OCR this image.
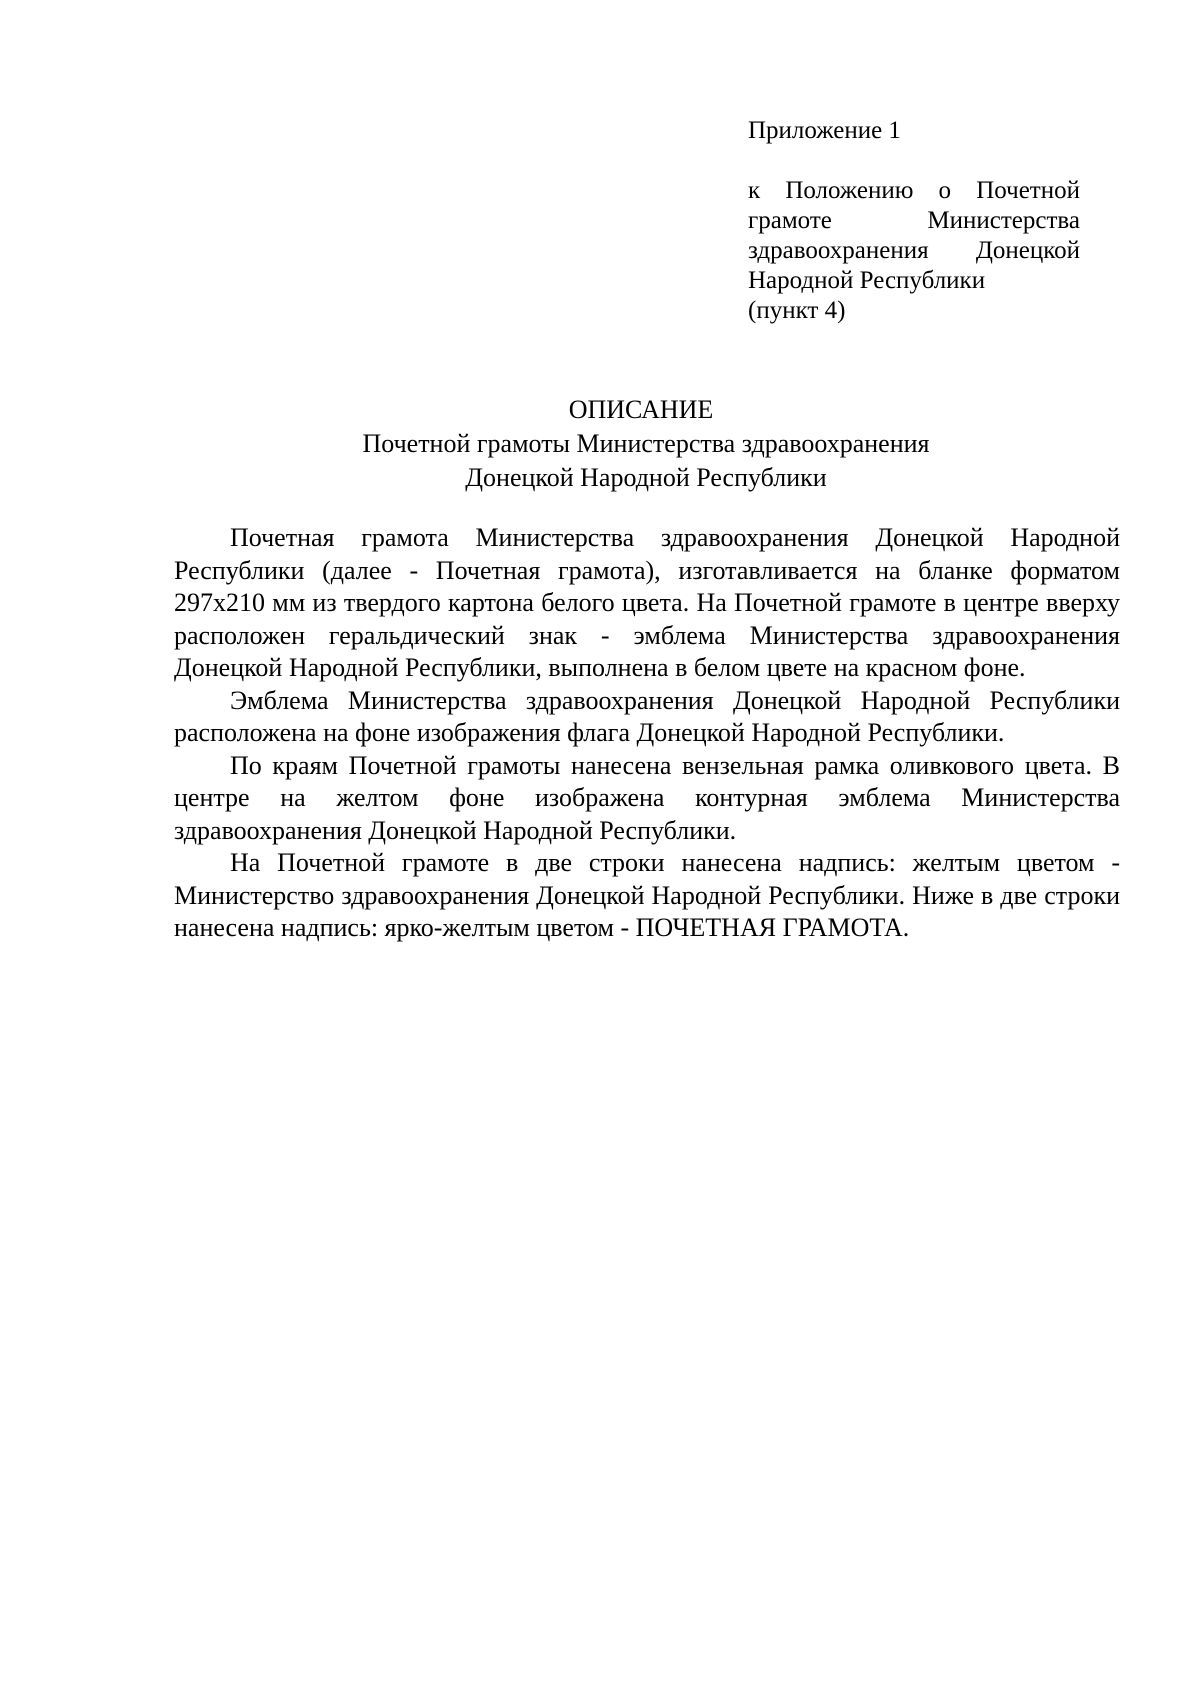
Приложение 1

к Положению о Почетной

грамоте Министерства

здравоохранения Донецкой

Народной Республики

(пункт 4)

ОПИСАНИЕ
Почетной грамоты Министерства здравоохранения
Донецкой Народной Республики

Почетная грамота Министерства здравоохранения Донецкой Народной Республики (далее - Почетная грамота), изготавливается на бланке форматом 297х210 мм из твердого картона белого цвета. На Почетной грамоте в центре вверху расположен геральдический знак - эмблема Министерства здравоохранения Донецкой Народной Республики, выполнена в белом цвете на красном фоне.

Эмблема Министерства здравоохранения Донецкой Народной Республики расположена на фоне изображения флага Донецкой Народной Республики.

По краям Почетной грамоты нанесена вензельная рамка оливкового цвета. В центре на желтом фоне изображена контурная эмблема Министерства здравоохранения Донецкой Народной Республики.

На Почетной грамоте в две строки нанесена надпись: желтым цветом - Министерство здравоохранения Донецкой Народной Республики. Ниже в две строки нанесена надпись: ярко-желтым цветом - ПОЧЕТНАЯ ГРАМОТА.
